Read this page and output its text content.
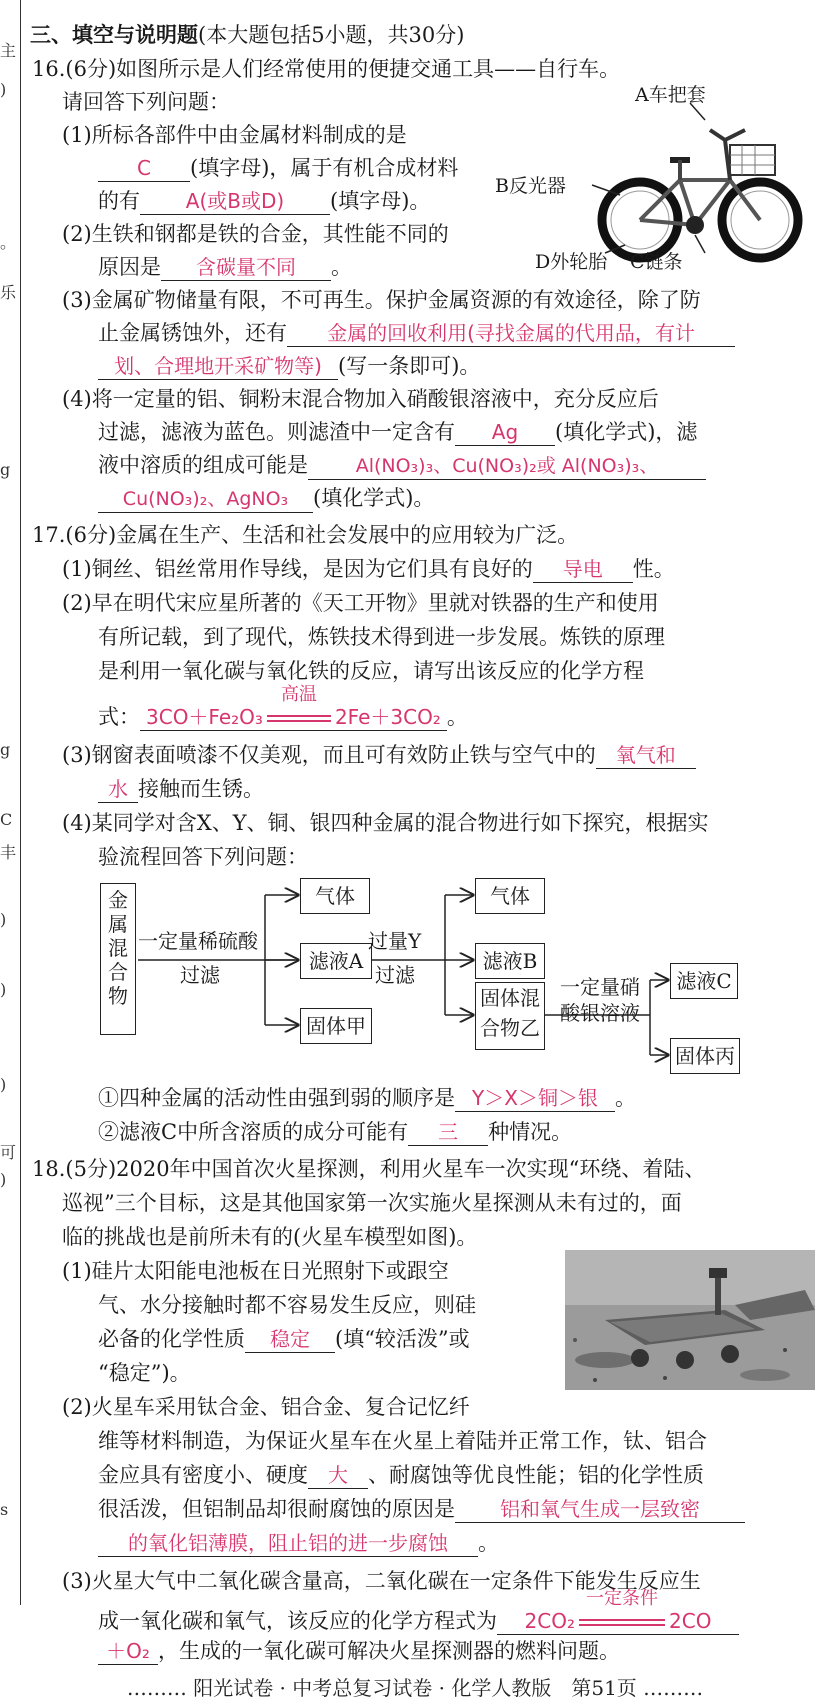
主
)
。
乐
g
g
C
丰
)
)
)
可
)
s
三、填空与说明题(本大题包括5小题，共30分)
16.(6分)如图所示是人们经常使用的便捷交通工具——自行车。
请回答下列问题：
(1)所标各部件中由金属材料制成的是
C (填字母)，属于有机合成材料
的有 A(或B或D) (填字母)。
(2)生铁和钢都是铁的合金，其性能不同的
原因是 含碳量不同 。
A车把套
B反光器
D外轮胎 C链条
(3)金属矿物储量有限，不可再生。保护金属资源的有效途径，除了防
止金属锈蚀外，还有 金属的回收利用(寻找金属的代用品，有计
划、合理地开采矿物等) (写一条即可)。
(4)将一定量的铝、铜粉末混合物加入硝酸银溶液中，充分反应后
过滤，滤液为蓝色。则滤渣中一定含有 Ag (填化学式)，滤
液中溶质的组成可能是	Al(NO₃)₃、Cu(NO₃)₂或 Al(NO₃)₃、
Cu(NO₃)₂、AgNO₃ (填化学式)。
17.(6分)金属在生产、生活和社会发展中的应用较为广泛。
(1)铜丝、铝丝常用作导线，是因为它们具有良好的 导电 性。
(2)早在明代宋应星所著的《天工开物》里就对铁器的生产和使用
有所记载，到了现代，炼铁技术得到进一步发展。炼铁的原理
是利用一氧化碳与氧化铁的反应，请写出该反应的化学方程
式： 3CO＋Fe₂O₃
高温
2Fe＋3CO₂ 。
(3)钢窗表面喷漆不仅美观，而且可有效防止铁与空气中的 氧气和
水 接触而生锈。
(4)某同学对含X、Y、铜、银四种金属的混合物进行如下探究，根据实
验流程回答下列问题：
金属混合物
一定量稀硫酸
过滤
气体
滤液A
固体甲
过量Y
过滤
气体
滤液B
固体混合物乙
一定量硝
酸银溶液
滤液C
固体丙
①四种金属的活动性由强到弱的顺序是 Y＞X＞铜＞银 。
②滤液C中所含溶质的成分可能有 三 种情况。
18.(5分)2020年中国首次火星探测，利用火星车一次实现“环绕、着陆、
巡视”三个目标，这是其他国家第一次实施火星探测从未有过的，面
临的挑战也是前所未有的(火星车模型如图)。
(1)硅片太阳能电池板在日光照射下或跟空
气、水分接触时都不容易发生反应，则硅
必备的化学性质 稳定 (填“较活泼”或
“稳定”)。
(2)火星车采用钛合金、铝合金、复合记忆纤
维等材料制造，为保证火星车在火星上着陆并正常工作，钛、铝合
金应具有密度小、硬度 大 、耐腐蚀等优良性能；铝的化学性质
很活泼，但铝制品却很耐腐蚀的原因是 铝和氧气生成一层致密
的氧化铝薄膜，阻止铝的进一步腐蚀 。
(3)火星大气中二氧化碳含量高，二氧化碳在一定条件下能发生反应生
成一氧化碳和氧气，该反应的化学方程式为 2CO₂
一定条件
2CO
＋O₂ ，生成的一氧化碳可解决火星探测器的燃料问题。
……… 阳光试卷 · 中考总复习试卷 · 化学人教版　第51页 ………
